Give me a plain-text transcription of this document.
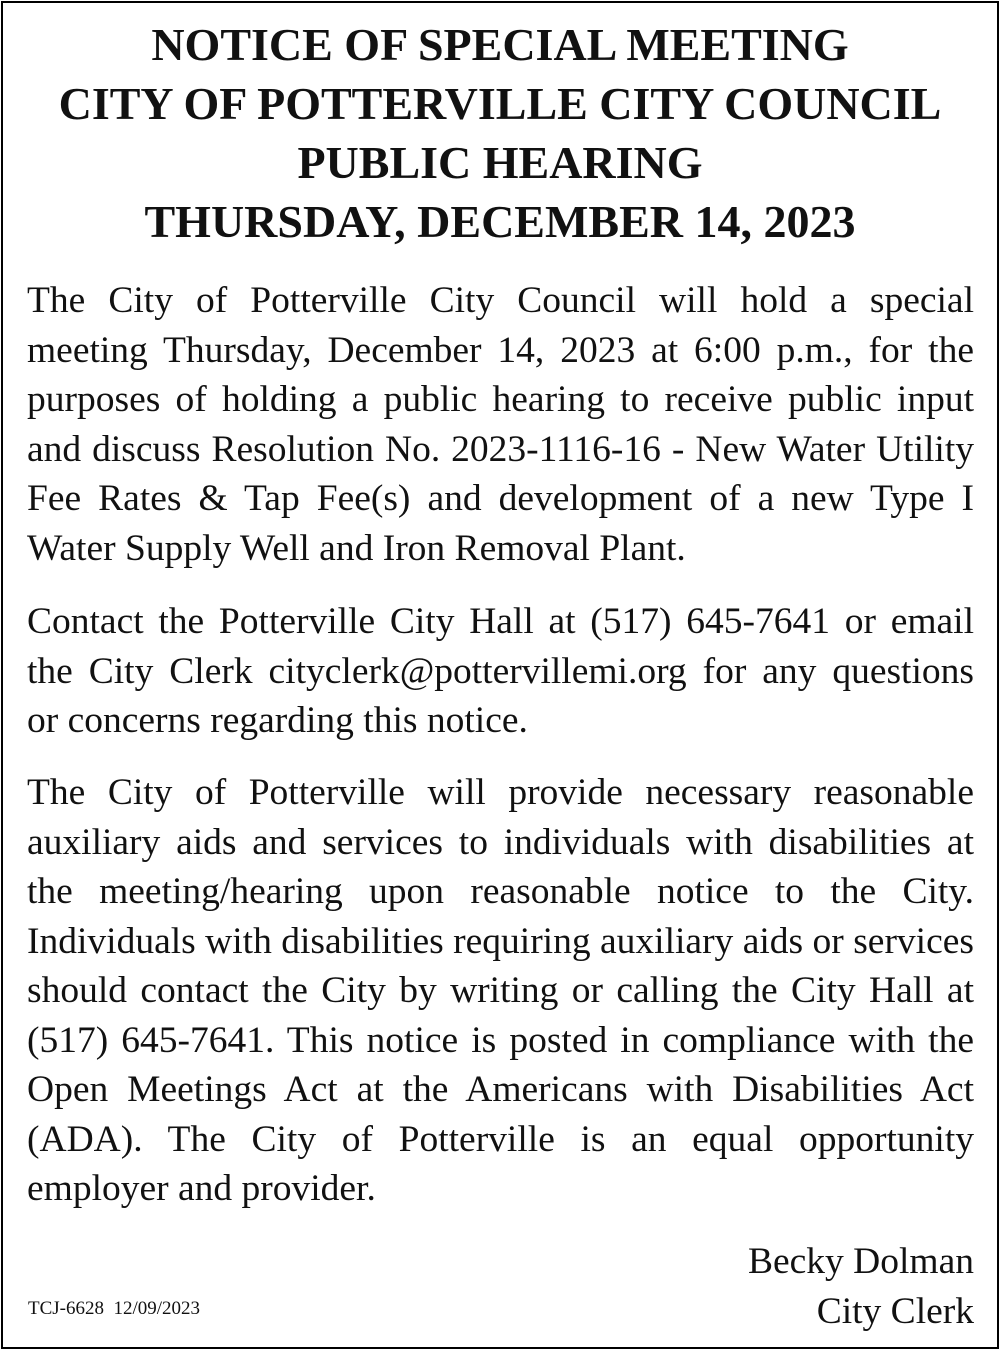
NOTICE OF SPECIAL MEETING
CITY OF POTTERVILLE CITY COUNCIL
PUBLIC HEARING
THURSDAY, DECEMBER 14, 2023

The City of Potterville City Council will hold a special meeting Thursday, December 14, 2023 at 6:00 p.m., for the purposes of holding a public hearing to receive public input and discuss Resolution No. 2023-1116-16 - New Water Utility Fee Rates & Tap Fee(s) and development of a new Type I Water Supply Well and Iron Removal Plant.

Contact the Potterville City Hall at (517) 645-7641 or email the City Clerk cityclerk@pottervillemi.org for any questions or concerns regarding this notice.

The City of Potterville will provide necessary reasonable auxiliary aids and services to individuals with disabilities at the meeting/hearing upon reasonable notice to the City. Individuals with disabilities requiring auxiliary aids or services should contact the City by writing or calling the City Hall at (517) 645-7641. This notice is posted in compliance with the Open Meetings Act at the Americans with Disabilities Act (ADA). The City of Potterville is an equal opportunity employer and provider.

Becky Dolman
City Clerk
TCJ-6628  12/09/2023
